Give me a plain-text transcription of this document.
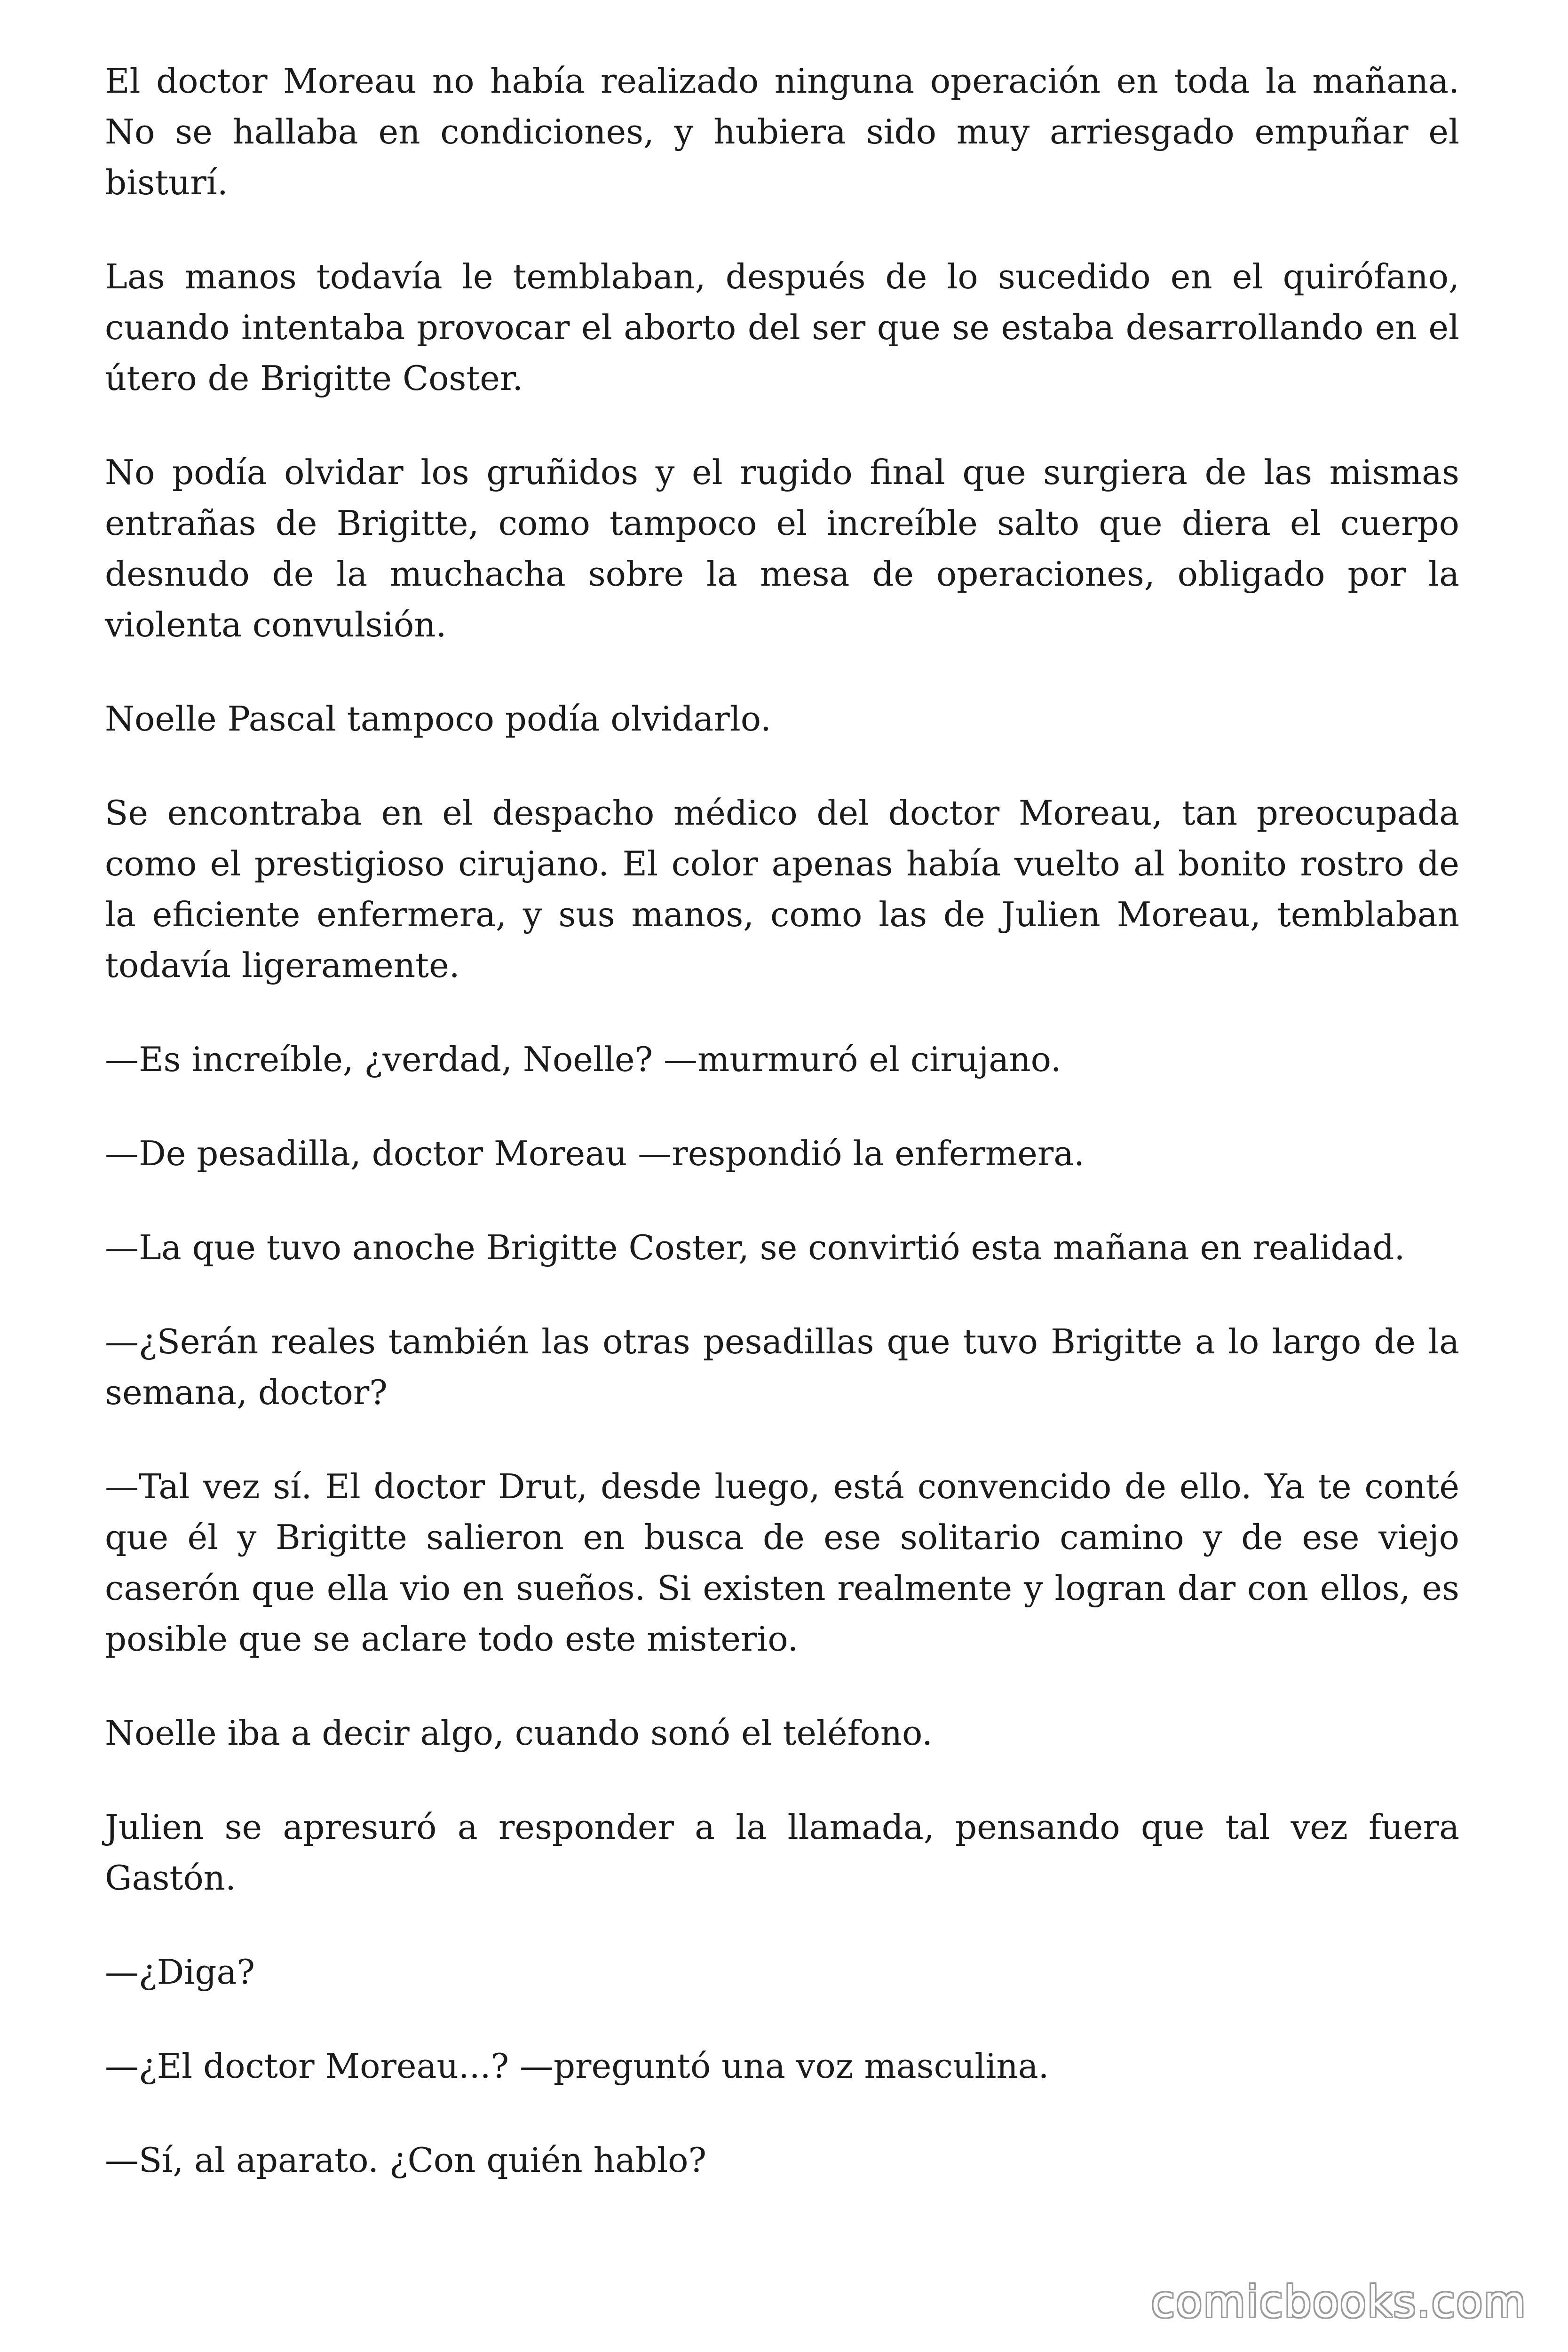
El doctor Moreau no había realizado ninguna operación en toda la mañana. No se hallaba en condiciones, y hubiera sido muy arriesgado empuñar el bisturí.

Las manos todavía le temblaban, después de lo sucedido en el quirófano, cuando intentaba provocar el aborto del ser que se estaba desarrollando en el útero de Brigitte Coster.

No podía olvidar los gruñidos y el rugido final que surgiera de las mismas entrañas de Brigitte, como tampoco el increíble salto que diera el cuerpo desnudo de la muchacha sobre la mesa de operaciones, obligado por la violenta convulsión.

Noelle Pascal tampoco podía olvidarlo.

Se encontraba en el despacho médico del doctor Moreau, tan preocupada como el prestigioso cirujano. El color apenas había vuelto al bonito rostro de la eficiente enfermera, y sus manos, como las de Julien Moreau, temblaban todavía ligeramente.

—Es increíble, ¿verdad, Noelle? —murmuró el cirujano.

—De pesadilla, doctor Moreau —respondió la enfermera.

—La que tuvo anoche Brigitte Coster, se convirtió esta mañana en realidad.

—¿Serán reales también las otras pesadillas que tuvo Brigitte a lo largo de la semana, doctor?

—Tal vez sí. El doctor Drut, desde luego, está convencido de ello. Ya te conté que él y Brigitte salieron en busca de ese solitario camino y de ese viejo caserón que ella vio en sueños. Si existen realmente y logran dar con ellos, es posible que se aclare todo este misterio.

Noelle iba a decir algo, cuando sonó el teléfono.

Julien se apresuró a responder a la llamada, pensando que tal vez fuera Gastón.

—¿Diga?

—¿El doctor Moreau...? —preguntó una voz masculina.

—Sí, al aparato. ¿Con quién hablo?

comicbooks.com
